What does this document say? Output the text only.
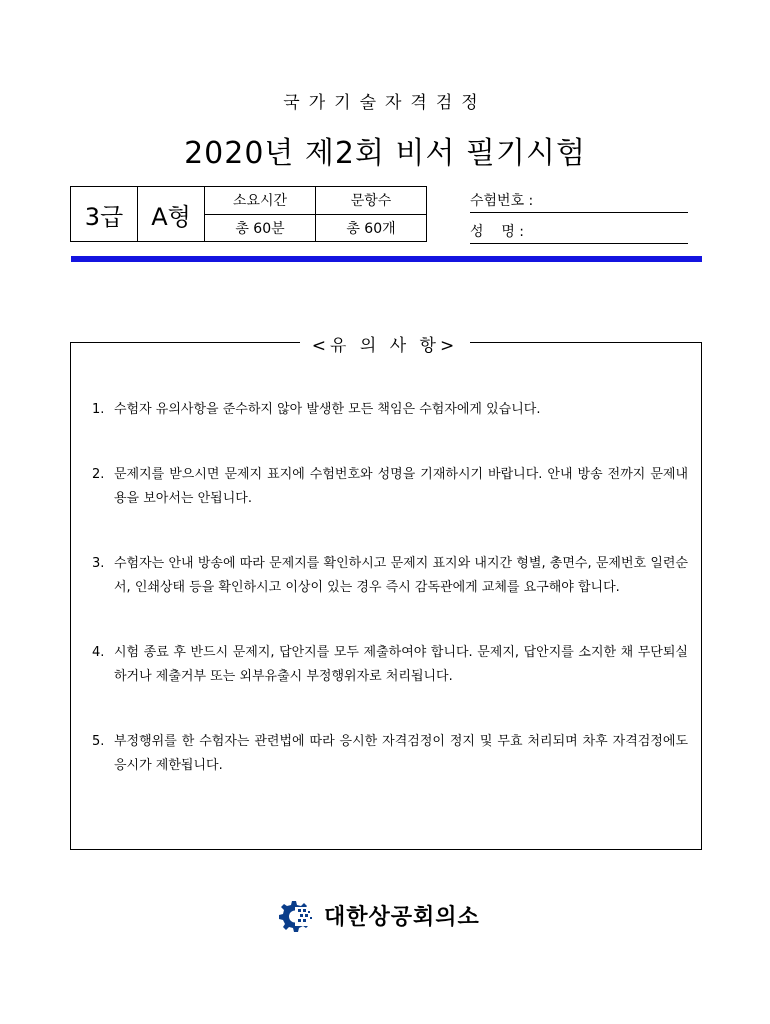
국가기술자격검정
2020년 제2회 비서 필기시험
3급	A형	소요시간	문항수
		총 60분	총 60개
수험번호 :
성    명 :
<유 의 사 항>
1. 수험자 유의사항을 준수하지 않아 발생한 모든 책임은 수험자에게 있습니다.
2. 문제지를 받으시면 문제지 표지에 수험번호와 성명을 기재하시기 바랍니다. 안내 방송 전까지 문제내용을 보아서는 안됩니다.
3. 수험자는 안내 방송에 따라 문제지를 확인하시고 문제지 표지와 내지간 형별, 총면수, 문제번호 일련순서, 인쇄상태 등을 확인하시고 이상이 있는 경우 즉시 감독관에게 교체를 요구해야 합니다.
4. 시험 종료 후 반드시 문제지, 답안지를 모두 제출하여야 합니다. 문제지, 답안지를 소지한 채 무단퇴실 하거나 제출거부 또는 외부유출시 부정행위자로 처리됩니다.
5. 부정행위를 한 수험자는 관련법에 따라 응시한 자격검정이 정지 및 무효 처리되며 차후 자격검정에도 응시가 제한됩니다.
대한상공회의소
